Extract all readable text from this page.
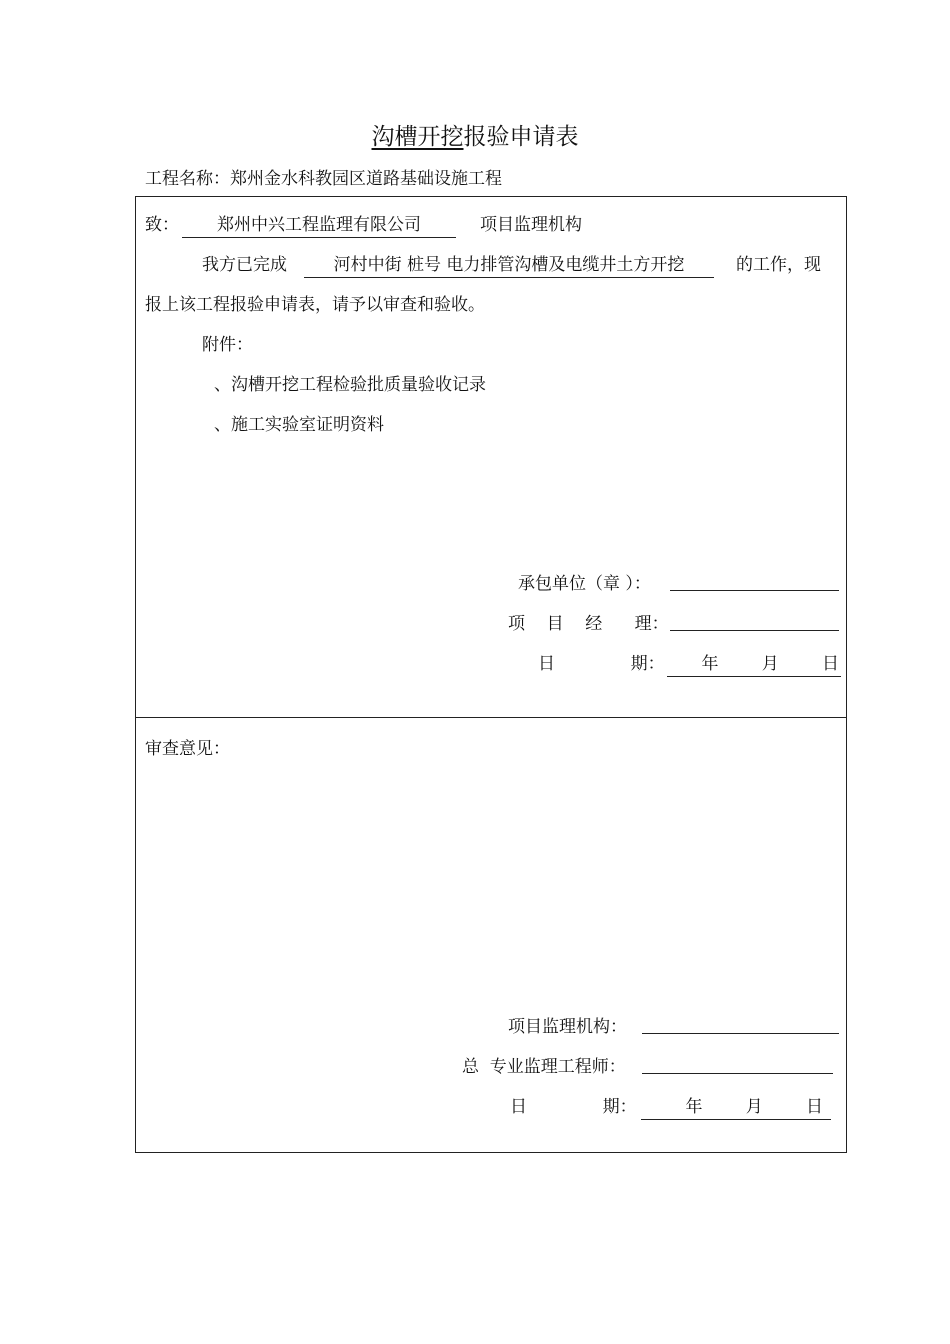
沟槽开挖报验申请表
工程名称：郑州金水科教园区道路基础设施工程
致：	郑州中兴工程监理有限公司	项目监理机构
我方已完成	河村中街 桩号 电力排管沟槽及电缆井土方开挖	的工作，现
报上该工程报验申请表，请予以审查和验收。
附件：
、沟槽开挖工程检验批质量验收记录
、施工实验室证明资料
承包单位（章 ）：
项    目    经      理：
日              期：	年        月        日
审查意见：
项目监理机构：
总  专业监理工程师：
日              期：	年        月        日
